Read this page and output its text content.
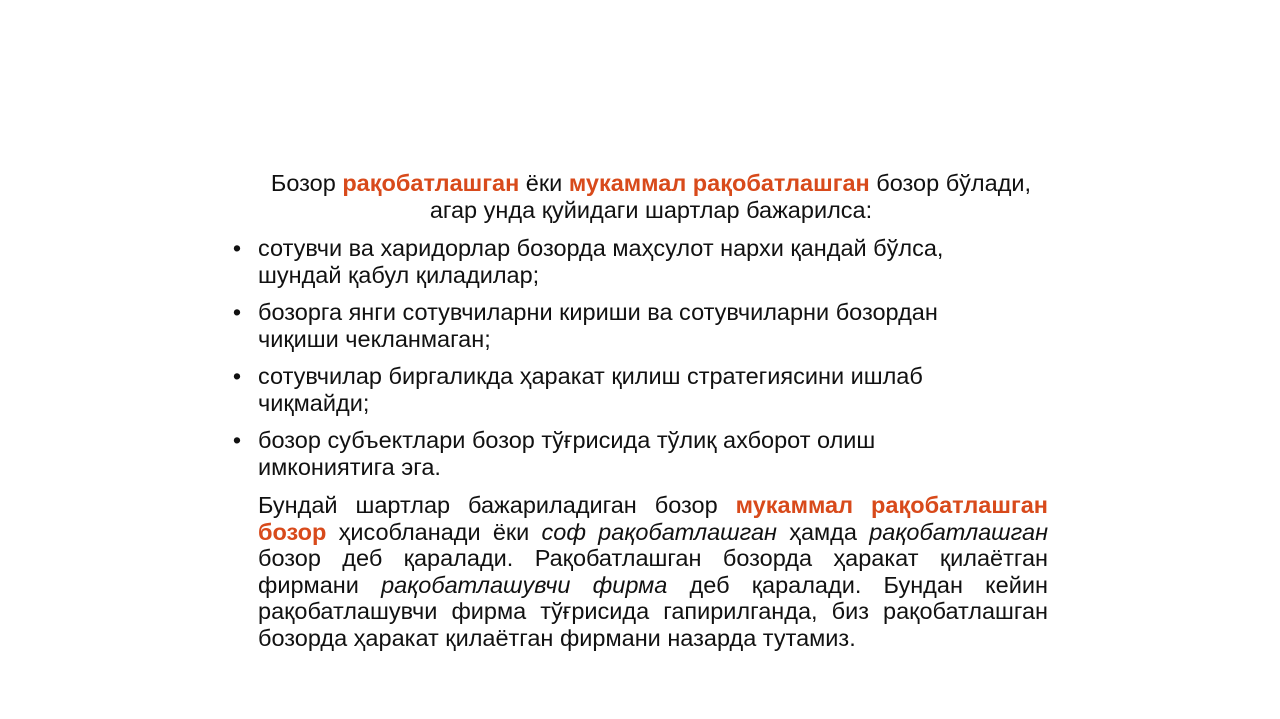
Бозор рақобатлашган ёки мукаммал рақобатлашган бозор бўлади,
агар унда қуйидаги шартлар бажарилса:
• сотувчи ва харидорлар бозорда маҳсулот нархи қандай бўлса,
шундай қабул қиладилар;
• бозорга янги сотувчиларни кириши ва сотувчиларни бозордан
чиқиши чекланмаган;
• сотувчилар биргаликда ҳаракат қилиш стратегиясини ишлаб
чиқмайди;
• бозор субъектлари бозор тўғрисида тўлиқ ахборот олиш
имкониятига эга.
Бундай шартлар бажариладиган бозор мукаммал рақобатлашган бозор ҳисобланади ёки соф рақобатлашган ҳамда рақобатлашган бозор деб қаралади. Рақобатлашган бозорда ҳаракат қилаётган фирмани рақобатлашувчи фирма деб қаралади. Бундан кейин рақобатлашувчи фирма тўғрисида гапирилганда, биз рақобатлашган бозорда ҳаракат қилаётган фирмани назарда тутамиз.
